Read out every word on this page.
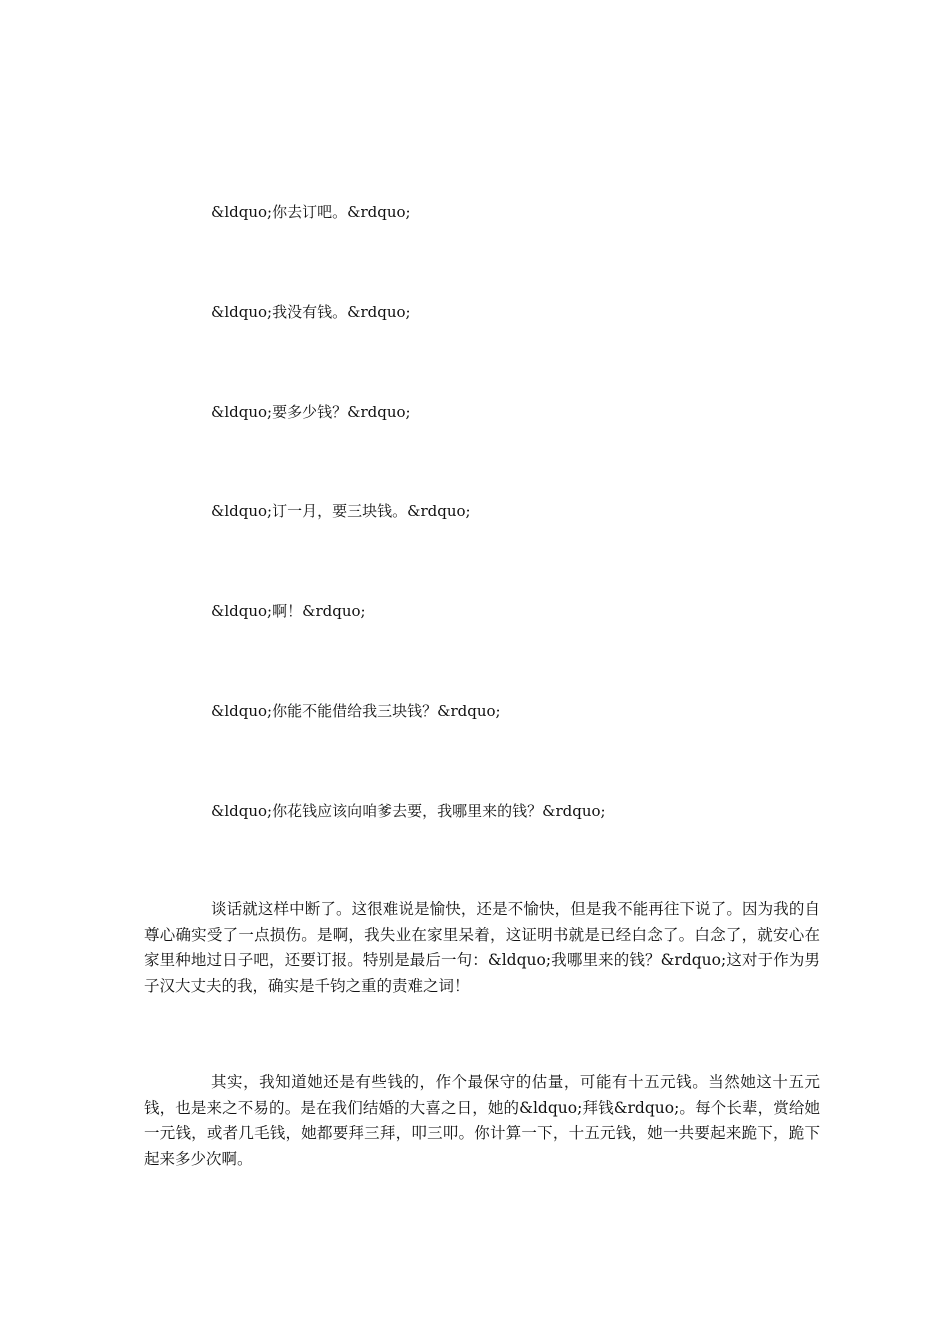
&ldquo;你去订吧。&rdquo;

&ldquo;我没有钱。&rdquo;

&ldquo;要多少钱？&rdquo;

&ldquo;订一月，要三块钱。&rdquo;

&ldquo;啊！&rdquo;

&ldquo;你能不能借给我三块钱？&rdquo;

&ldquo;你花钱应该向咱爹去要，我哪里来的钱？&rdquo;

谈话就这样中断了。这很难说是愉快，还是不愉快，但是我不能再往下说了。因为我的自尊心确实受了一点损伤。是啊，我失业在家里呆着，这证明书就是已经白念了。白念了，就安心在家里种地过日子吧，还要订报。特别是最后一句：&ldquo;我哪里来的钱？&rdquo;这对于作为男子汉大丈夫的我，确实是千钧之重的责难之词！

其实，我知道她还是有些钱的，作个最保守的估量，可能有十五元钱。当然她这十五元钱，也是来之不易的。是在我们结婚的大喜之日，她的&ldquo;拜钱&rdquo;。每个长辈，赏给她一元钱，或者几毛钱，她都要拜三拜，叩三叩。你计算一下，十五元钱，她一共要起来跪下，跪下起来多少次啊。
